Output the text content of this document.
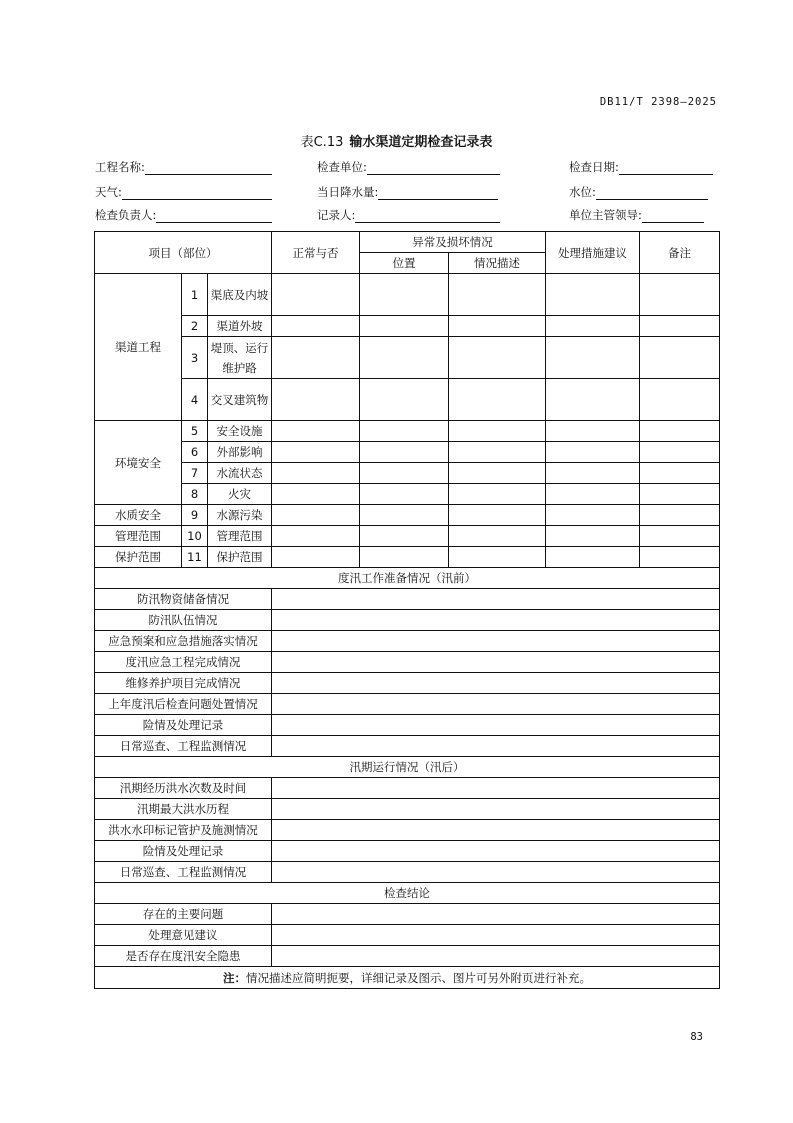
DB11/T 2398—2025
表C.13 输水渠道定期检查记录表
工程名称:	检查单位:	检查日期:
天气:	当日降水量:	水位:
检查负责人:	记录人:	单位主管领导:
项目（部位）			正常与否	异常及损坏情况		处理措施建议	备注
				位置	情况描述		
渠道工程	1	渠底及内坡					
	2	渠道外坡					
	3	堤顶、运行维护路					
	4	交叉建筑物					
环境安全	5	安全设施					
	6	外部影响					
	7	水流状态					
	8	火灾					
水质安全	9	水源污染					
管理范围	10	管理范围					
保护范围	11	保护范围					
度汛工作准备情况（汛前）							
防汛物资储备情况							
防汛队伍情况							
应急预案和应急措施落实情况							
度汛应急工程完成情况							
维修养护项目完成情况							
上年度汛后检查问题处置情况							
险情及处理记录							
日常巡查、工程监测情况							
汛期运行情况（汛后）							
汛期经历洪水次数及时间							
汛期最大洪水历程							
洪水水印标记管护及施测情况							
险情及处理记录							
日常巡查、工程监测情况							
检查结论							
存在的主要问题							
处理意见建议							
是否存在度汛安全隐患							
注：情况描述应简明扼要，详细记录及图示、图片可另外附页进行补充。							
83
